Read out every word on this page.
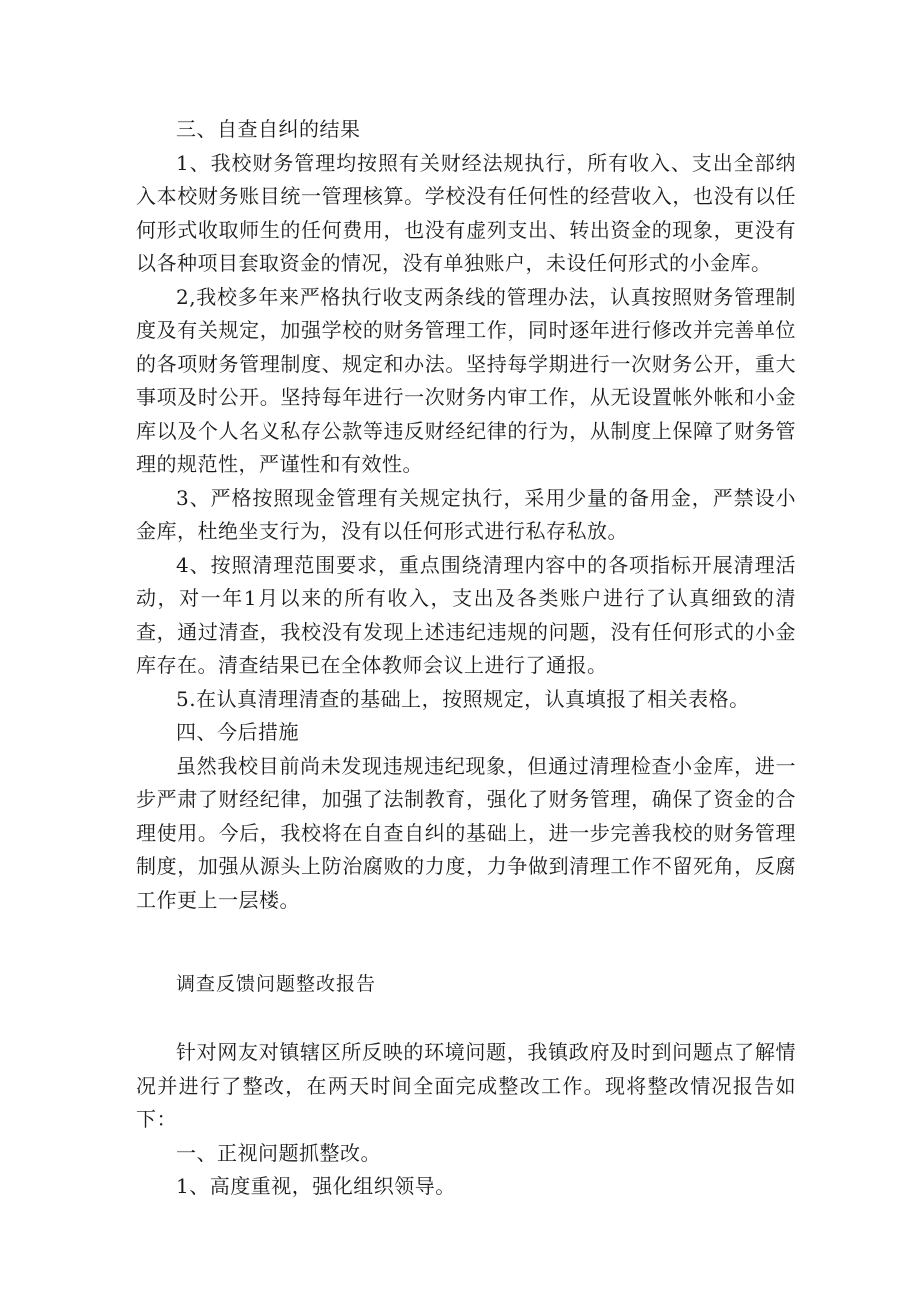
三、自查自纠的结果

1、我校财务管理均按照有关财经法规执行，所有收入、支出全部纳入本校财务账目统一管理核算。学校没有任何性的经营收入，也没有以任何形式收取师生的任何费用，也没有虚列支出、转出资金的现象，更没有以各种项目套取资金的情况，没有单独账户，未设任何形式的小金库。

2,我校多年来严格执行收支两条线的管理办法，认真按照财务管理制度及有关规定，加强学校的财务管理工作，同时逐年进行修改并完善单位的各项财务管理制度、规定和办法。坚持每学期进行一次财务公开，重大事项及时公开。坚持每年进行一次财务内审工作，从无设置帐外帐和小金库以及个人名义私存公款等违反财经纪律的行为，从制度上保障了财务管理的规范性，严谨性和有效性。

3、严格按照现金管理有关规定执行，采用少量的备用金，严禁设小金库，杜绝坐支行为，没有以任何形式进行私存私放。

4、按照清理范围要求，重点围绕清理内容中的各项指标开展清理活动，对一年1月以来的所有收入，支出及各类账户进行了认真细致的清查，通过清查，我校没有发现上述违纪违规的问题，没有任何形式的小金库存在。清查结果已在全体教师会议上进行了通报。

5.在认真清理清查的基础上，按照规定，认真填报了相关表格。

四、今后措施

虽然我校目前尚未发现违规违纪现象，但通过清理检查小金库，进一步严肃了财经纪律，加强了法制教育，强化了财务管理，确保了资金的合理使用。今后，我校将在自查自纠的基础上，进一步完善我校的财务管理制度，加强从源头上防治腐败的力度，力争做到清理工作不留死角，反腐工作更上一层楼。

调查反馈问题整改报告

针对网友对镇辖区所反映的环境问题，我镇政府及时到问题点了解情况并进行了整改，在两天时间全面完成整改工作。现将整改情况报告如下：

一、正视问题抓整改。

1、高度重视，强化组织领导。
